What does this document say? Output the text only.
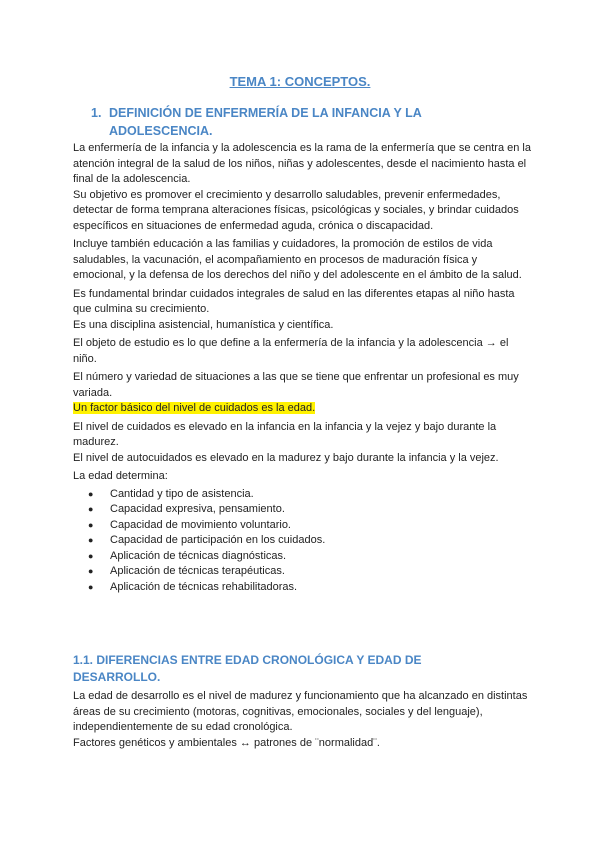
TEMA 1: CONCEPTOS.
1. DEFINICIÓN DE ENFERMERÍA DE LA INFANCIA Y LA ADOLESCENCIA.

La enfermería de la infancia y la adolescencia es la rama de la enfermería que se centra en la atención integral de la salud de los niños, niñas y adolescentes, desde el nacimiento hasta el final de la adolescencia.

Su objetivo es promover el crecimiento y desarrollo saludables, prevenir enfermedades, detectar de forma temprana alteraciones físicas, psicológicas y sociales, y brindar cuidados específicos en situaciones de enfermedad aguda, crónica o discapacidad.

Incluye también educación a las familias y cuidadores, la promoción de estilos de vida saludables, la vacunación, el acompañamiento en procesos de maduración física y emocional, y la defensa de los derechos del niño y del adolescente en el ámbito de la salud.

Es fundamental brindar cuidados integrales de salud en las diferentes etapas al niño hasta que culmina su crecimiento.

Es una disciplina asistencial, humanística y científica.

El objeto de estudio es lo que define a la enfermería de la infancia y la adolescencia → el niño.

El número y variedad de situaciones a las que se tiene que enfrentar un profesional es muy variada.

Un factor básico del nivel de cuidados es la edad.

El nivel de cuidados es elevado en la infancia en la infancia y la vejez y bajo durante la madurez.

El nivel de autocuidados es elevado en la madurez y bajo durante la infancia y la vejez.

La edad determina:

● Cantidad y tipo de asistencia.
● Capacidad expresiva, pensamiento.
● Capacidad de movimiento voluntario.
● Capacidad de participación en los cuidados.
● Aplicación de técnicas diagnósticas.
● Aplicación de técnicas terapéuticas.
● Aplicación de técnicas rehabilitadoras.
1.1. DIFERENCIAS ENTRE EDAD CRONOLÓGICA Y EDAD DE DESARROLLO.

La edad de desarrollo es el nivel de madurez y funcionamiento que ha alcanzado en distintas áreas de su crecimiento (motoras, cognitivas, emocionales, sociales y del lenguaje), independientemente de su edad cronológica.

Factores genéticos y ambientales ↔ patrones de ¨normalidad¨.
